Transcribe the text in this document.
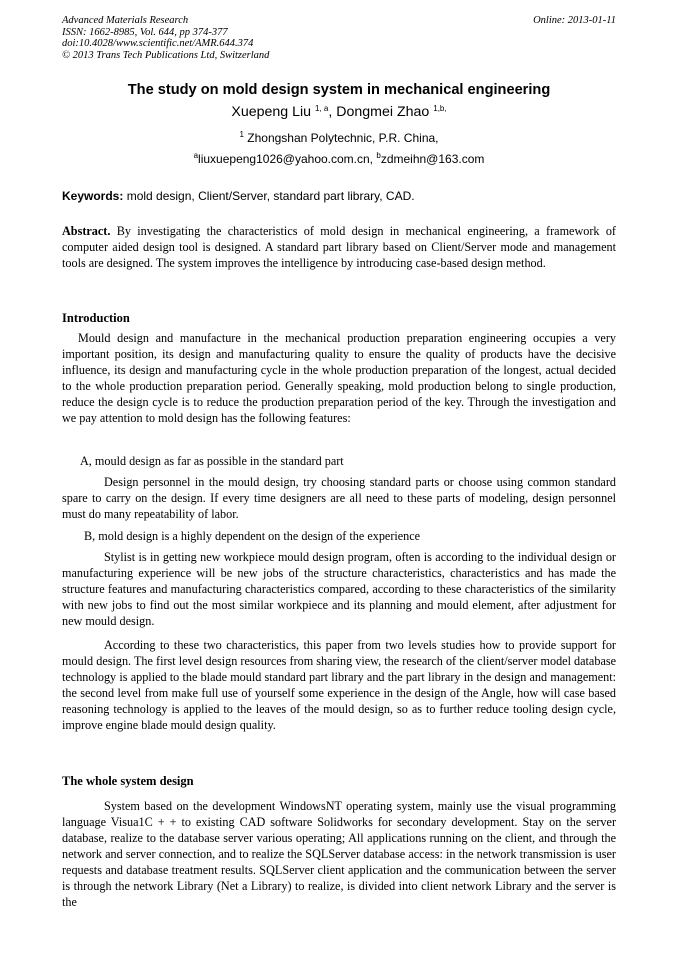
Advanced Materials Research
ISSN: 1662-8985, Vol. 644, pp 374-377
doi:10.4028/www.scientific.net/AMR.644.374
© 2013 Trans Tech Publications Ltd, Switzerland
Online: 2013-01-11
The study on mold design system in mechanical engineering
Xuepeng Liu $^{1, a}$, Dongmei Zhao $^{1,b,}$
$^1$ Zhongshan Polytechnic, P.R. China,
$^a$liuxuepeng1026@yahoo.com.cn, $^b$zdmeihn@163.com
Keywords: mold design, Client/Server, standard part library, CAD.

Abstract. By investigating the characteristics of mold design in mechanical engineering, a framework of computer aided design tool is designed. A standard part library based on Client/Server mode and management tools are designed. The system improves the intelligence by introducing case-based design method.

Introduction

Mould design and manufacture in the mechanical production preparation engineering occupies a very important position, its design and manufacturing quality to ensure the quality of products have the decisive influence, its design and manufacturing cycle in the whole production preparation of the longest, actual decided to the whole production preparation period. Generally speaking, mold production belong to single production, reduce the design cycle is to reduce the production preparation period of the key. Through the investigation and we pay attention to mold design has the following features:

A, mould design as far as possible in the standard part

Design personnel in the mould design, try choosing standard parts or choose using common standard spare to carry on the design. If every time designers are all need to these parts of modeling, design personnel must do many repeatability of labor.

B, mold design is a highly dependent on the design of the experience

Stylist is in getting new workpiece mould design program, often is according to the individual design or manufacturing experience will be new jobs of the structure characteristics, characteristics and has made the structure features and manufacturing characteristics compared, according to these characteristics of the similarity with new jobs to find out the most similar workpiece and its planning and mould element, after adjustment for new mould design.

According to these two characteristics, this paper from two levels studies how to provide support for mould design. The first level design resources from sharing view, the research of the client/server model database technology is applied to the blade mould standard part library and the part library in the design and management: the second level from make full use of yourself some experience in the design of the Angle, how will case based reasoning technology is applied to the leaves of the mould design, so as to further reduce tooling design cycle, improve engine blade mould design quality.

The whole system design

System based on the development WindowsNT operating system, mainly use the visual programming language Visua1C + + to existing CAD software Solidworks for secondary development. Stay on the server database, realize to the database server various operating; All applications running on the client, and through the network and server connection, and to realize the SQLServer database access: in the network transmission is user requests and database treatment results. SQLServer client application and the communication between the server is through the network Library (Net a Library) to realize, is divided into client network Library and the server is the
